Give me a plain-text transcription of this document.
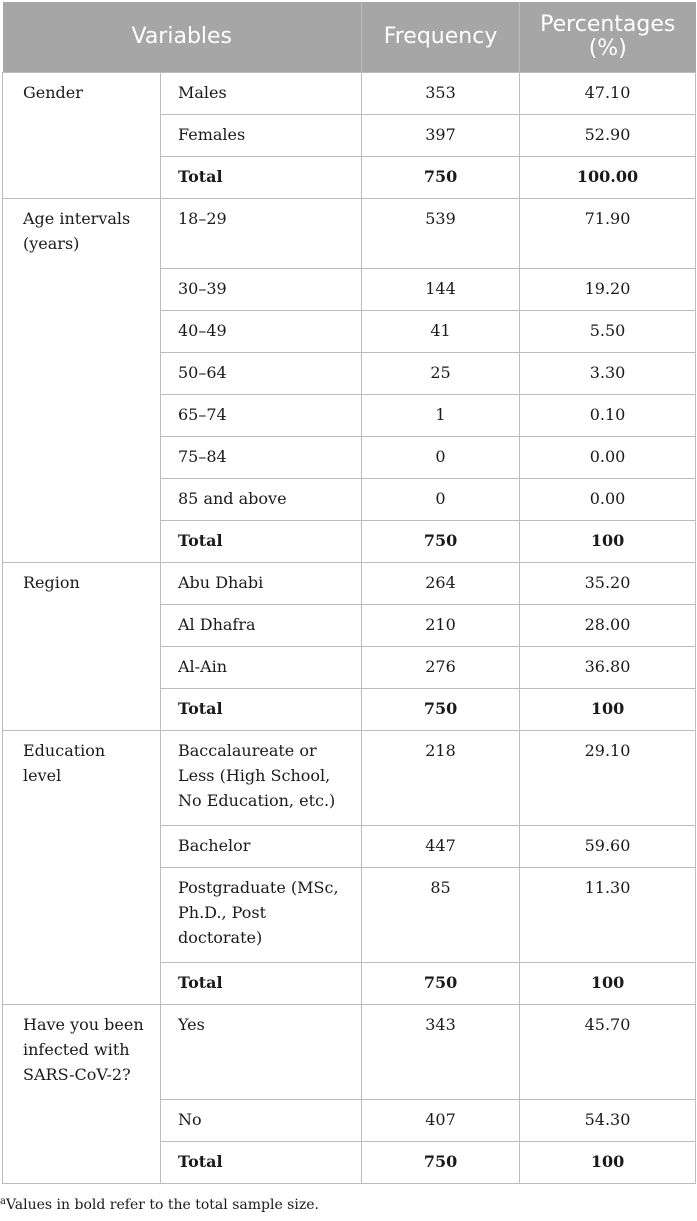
Variables		Frequency	Percentages (%)
Gender	Males	353	47.10
	Females	397	52.90
	Total	750	100.00
Age intervals (years)	18–29	539	71.90
	30–39	144	19.20
	40–49	41	5.50
	50–64	25	3.30
	65–74	1	0.10
	75–84	0	0.00
	85 and above	0	0.00
	Total	750	100
Region	Abu Dhabi	264	35.20
	Al Dhafra	210	28.00
	Al-Ain	276	36.80
	Total	750	100
Education level	Baccalaureate or Less (High School, No Education, etc.)	218	29.10
	Bachelor	447	59.60
	Postgraduate (MSc, Ph.D., Post doctorate)	85	11.30
	Total	750	100
Have you been infected with SARS-CoV-2?	Yes	343	45.70
	No	407	54.30
	Total	750	100
$^a$Values in bold refer to the total sample size.
